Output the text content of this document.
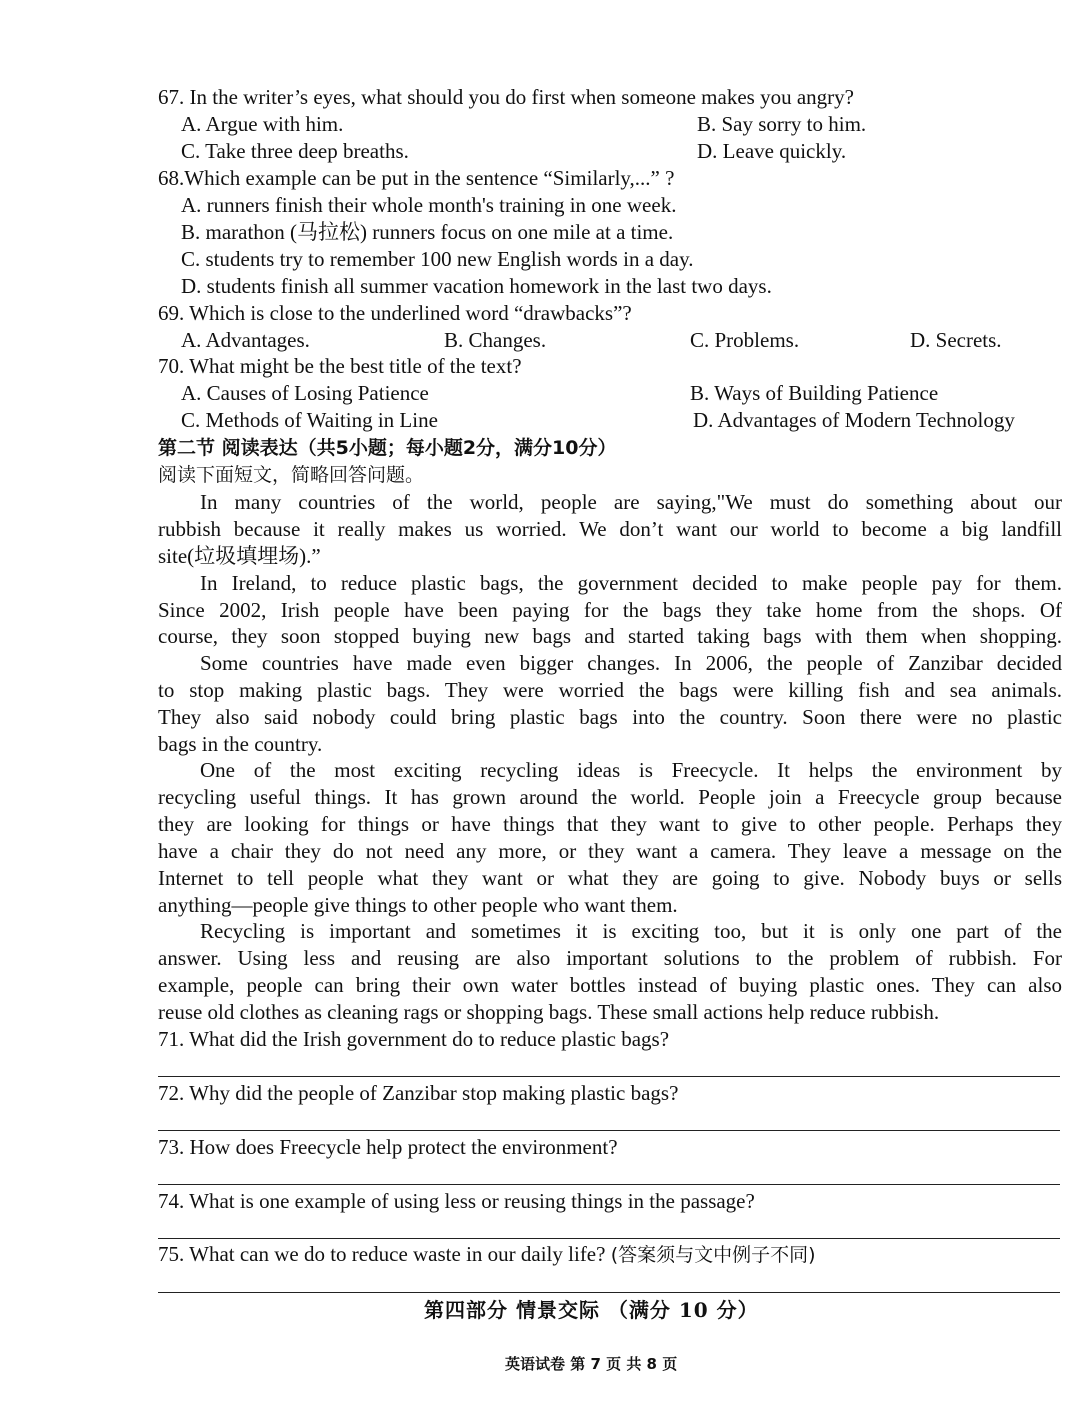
67. In the writer’s eyes, what should you do first when someone makes you angry?
A. Argue with him.	B. Say sorry to him.
C. Take three deep breaths.	D. Leave quickly.
68.Which example can be put in the sentence “Similarly,...” ?
A. runners finish their whole month's training in one week.
B. marathon (马拉松) runners focus on one mile at a time.
C. students try to remember 100 new English words in a day.
D. students finish all summer vacation homework in the last two days.
69. Which is close to the underlined word “drawbacks”?
A. Advantages.	B. Changes.	C. Problems.	D. Secrets.
70. What might be the best title of the text?
A. Causes of Losing Patience	B. Ways of Building Patience
C. Methods of Waiting in Line	D. Advantages of Modern Technology
第二节 阅读表达（共5小题；每小题2分，满分10分）
阅读下面短文，简略回答问题。
In many countries of the world, people are saying,"We must do something about our
rubbish because it really makes us worried. We don’t want our world to become a big landfill
site(垃圾填埋场).”
In Ireland, to reduce plastic bags, the government decided to make people pay for them.
Since 2002, Irish people have been paying for the bags they take home from the shops. Of
course, they soon stopped buying new bags and started taking bags with them when shopping.
Some countries have made even bigger changes. In 2006, the people of Zanzibar decided
to stop making plastic bags. They were worried the bags were killing fish and sea animals.
They also said nobody could bring plastic bags into the country. Soon there were no plastic
bags in the country.
One of the most exciting recycling ideas is Freecycle. It helps the environment by
recycling useful things. It has grown around the world. People join a Freecycle group because
they are looking for things or have things that they want to give to other people. Perhaps they
have a chair they do not need any more, or they want a camera. They leave a message on the
Internet to tell people what they want or what they are going to give. Nobody buys or sells
anything—people give things to other people who want them.
Recycling is important and sometimes it is exciting too, but it is only one part of the
answer. Using less and reusing are also important solutions to the problem of rubbish. For
example, people can bring their own water bottles instead of buying plastic ones. They can also
reuse old clothes as cleaning rags or shopping bags. These small actions help reduce rubbish.
71. What did the Irish government do to reduce plastic bags?
72. Why did the people of Zanzibar stop making plastic bags?
73. How does Freecycle help protect the environment?
74. What is one example of using less or reusing things in the passage?
75. What can we do to reduce waste in our daily life? (答案须与文中例子不同)
第四部分 情景交际 （满分 10 分）
英语试卷 第 7 页 共 8 页
